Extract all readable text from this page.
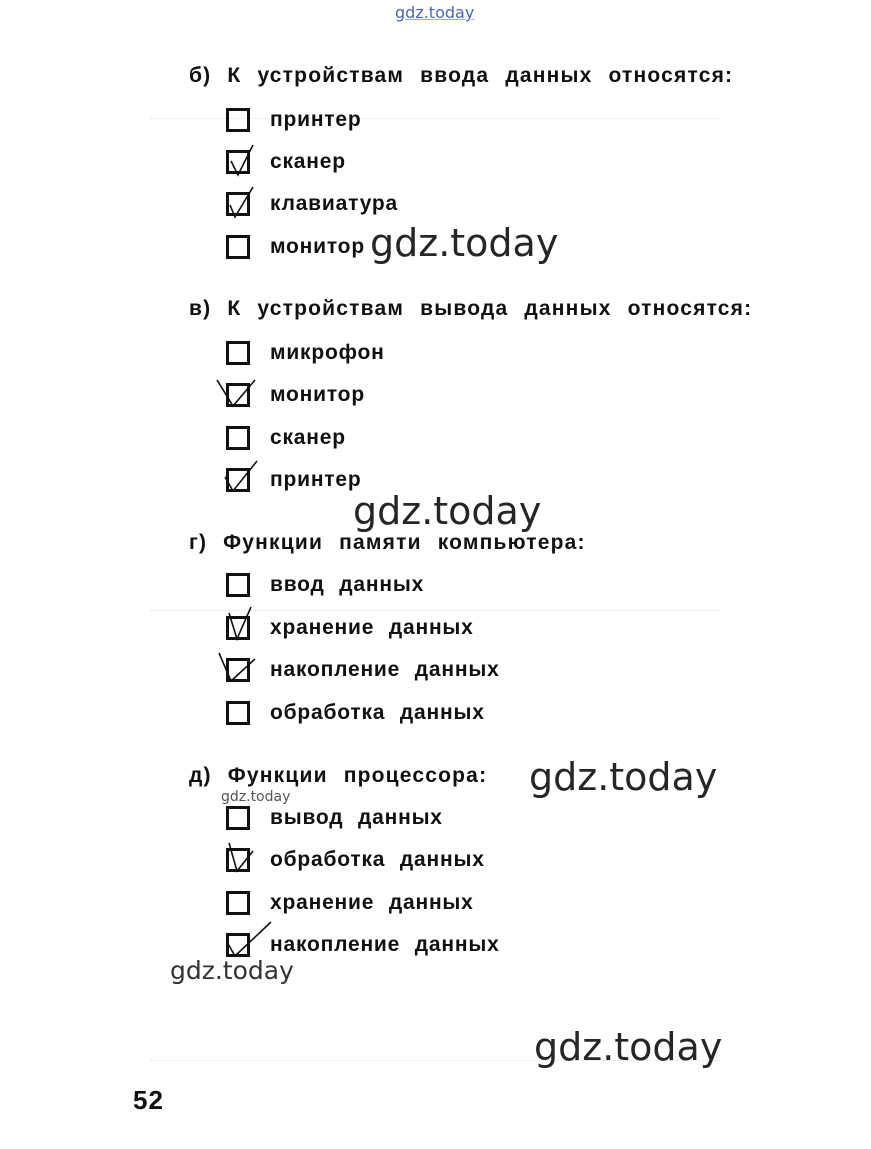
gdz.today
б) К устройствам ввода данных относятся:
принтер
сканер
клавиатура
монитор gdz.today
в) К устройствам вывода данных относятся:
микрофон
монитор
сканер
принтер
gdz.today
г) Функции памяти компьютера:
ввод данных
хранение данных
накопление данных
обработка данных
д) Функции процессора: gdz.today
gdz.today
вывод данных
обработка данных
хранение данных
накопление данных
gdz.today
gdz.today
52
